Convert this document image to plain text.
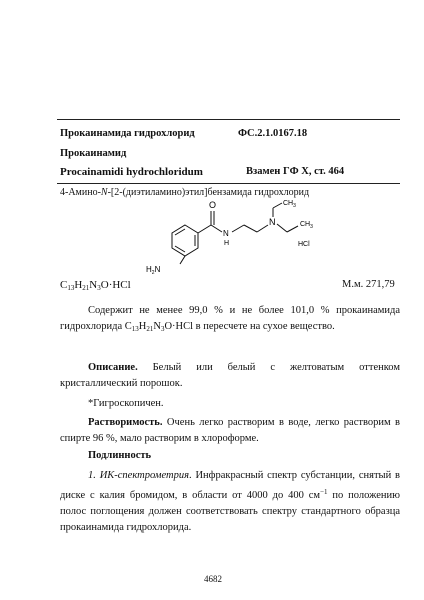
Прокаинамида гидрохлорид	ФС.2.1.0167.18
Прокаинамид
Procainamidi hydrochloridum	Взамен ГФ X, ст. 464
4-Амино-N-[2-(диэтиламино)этил]бензамида гидрохлорид
O
N
H
N
$CH_3$
$CH_3$
HCl
$H_2N$
$C_{13}H_{21}N_3O\cdot HCl$	М.м. 271,79
Содержит не менее 99,0 % и не более 101,0 % прокаинамида гидрохлорида $C_{13}H_{21}N_3O\cdot HCl$ в пересчете на сухое вещество.
Описание. Белый или белый с желтоватым оттенком кристаллический порошок.
*Гигроскопичен.
Растворимость. Очень легко растворим в воде, легко растворим в спирте 96 %, мало растворим в хлороформе.
Подлинность
1. ИК-спектрометрия. Инфракрасный спектр субстанции, снятый в диске с калия бромидом, в области от 4000 до 400 $см^{-1}$ по положению полос поглощения должен соответствовать спектру стандартного образца прокаинамида гидрохлорида.
4682
